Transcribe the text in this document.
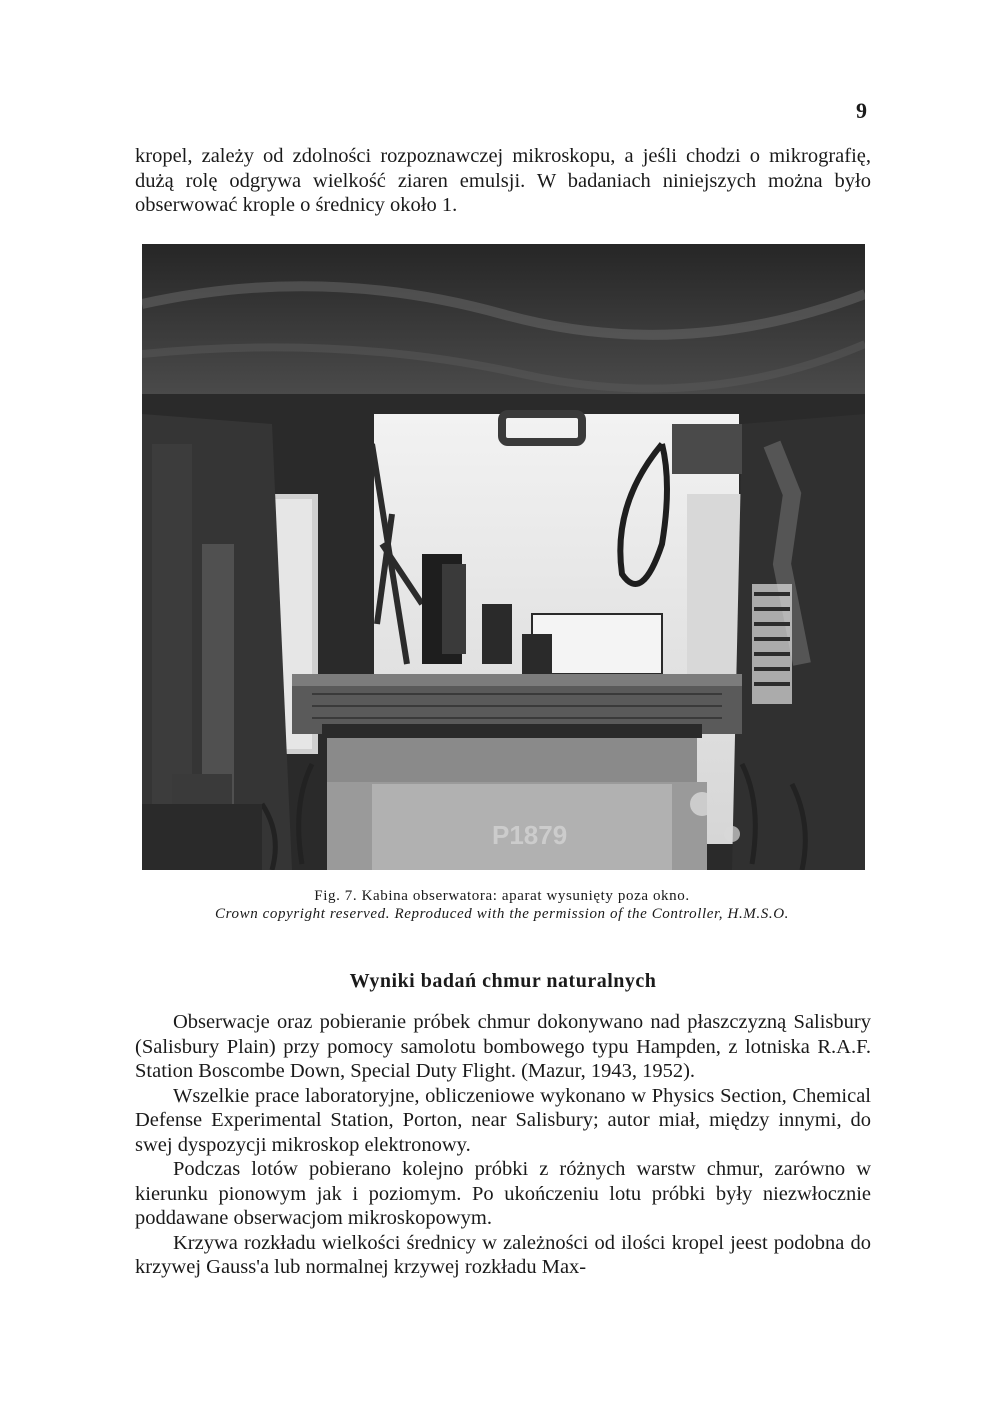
9

kropel, zależy od zdolności rozpoznawczej mikroskopu, a jeśli chodzi o mikrografię, dużą rolę odgrywa wielkość ziaren emulsji. W badaniach niniejszych można było obserwować krople o średnicy około 1.

P1879
Fig. 7. Kabina obserwatora: aparat wysunięty poza okno.
Crown copyright reserved. Reproduced with the permission of the Controller, H.M.S.O.
Wyniki badań chmur naturalnych

Obserwacje oraz pobieranie próbek chmur dokonywano nad płaszczyzną Salisbury (Salisbury Plain) przy pomocy samolotu bombowego typu Hampden, z lotniska R.A.F. Station Boscombe Down, Special Duty Flight. (Mazur, 1943, 1952).

Wszelkie prace laboratoryjne, obliczeniowe wykonano w Physics Section, Chemical Defense Experimental Station, Porton, near Salisbury; autor miał, między innymi, do swej dyspozycji mikroskop elektronowy.

Podczas lotów pobierano kolejno próbki z różnych warstw chmur, zarówno w kierunku pionowym jak i poziomym. Po ukończeniu lotu próbki były niezwłocznie poddawane obserwacjom mikroskopowym.

Krzywa rozkładu wielkości średnicy w zależności od ilości kropel jeest podobna do krzywej Gauss'a lub normalnej krzywej rozkładu Max-
